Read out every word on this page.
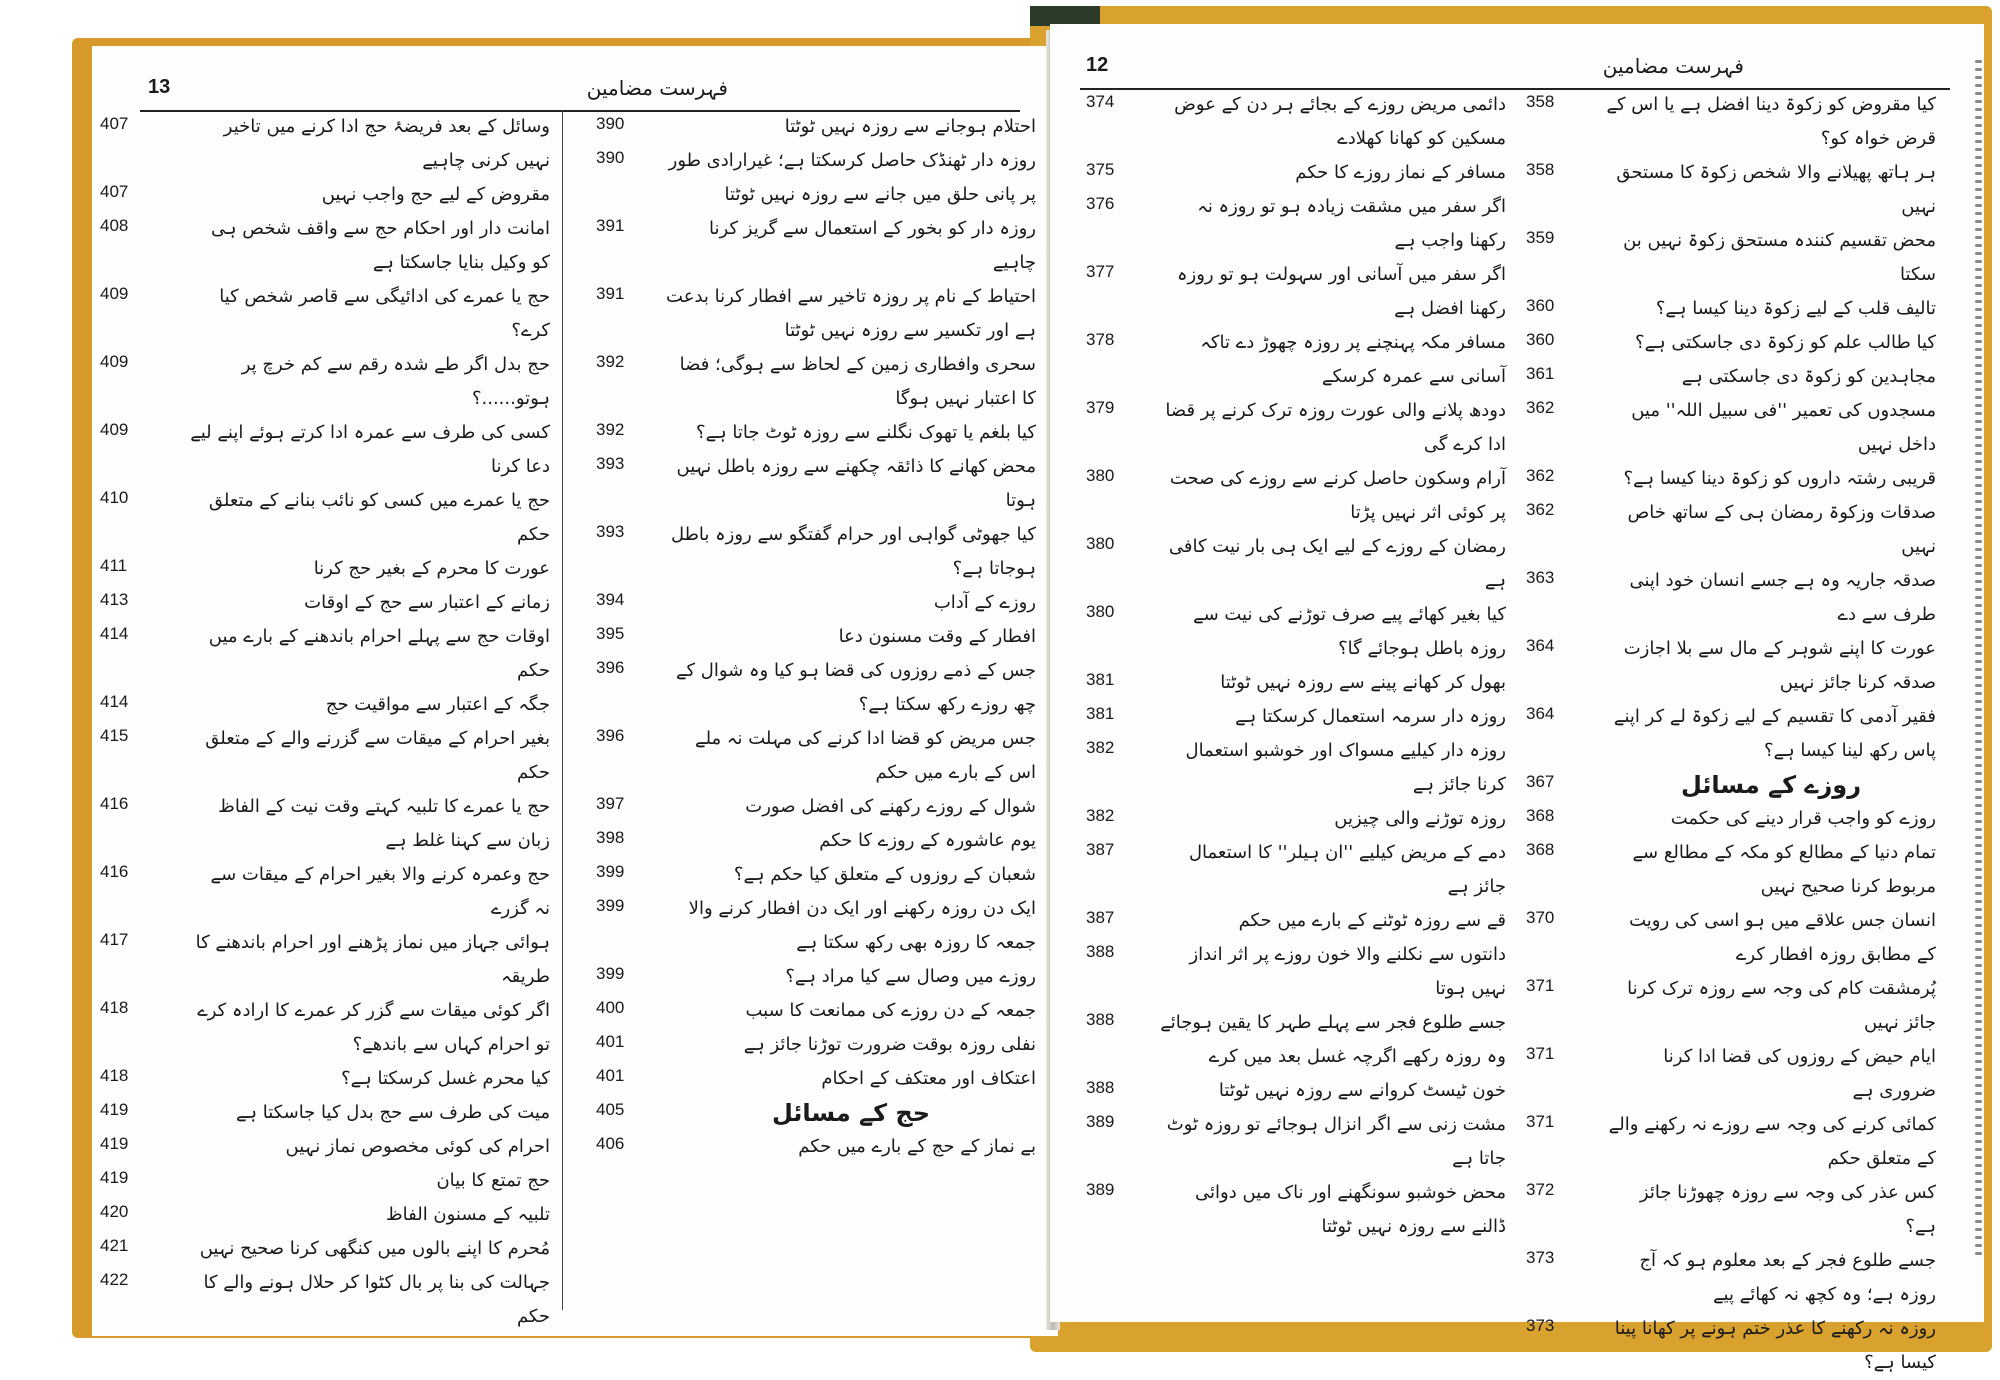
13	فہرست مضامین
احتلام ہوجانے سے روزہ نہیں ٹوٹتا
390
روزہ دار ٹھنڈک حاصل کرسکتا ہے؛ غیرارادی طور پر پانی حلق میں جانے سے روزہ نہیں ٹوٹتا
390
روزہ دار کو بخور کے استعمال سے گریز کرنا چاہیے
391
احتیاط کے نام پر روزہ تاخیر سے افطار کرنا بدعت ہے اور تکسیر سے روزہ نہیں ٹوٹتا
391
سحری وافطاری زمین کے لحاظ سے ہوگی؛ فضا کا اعتبار نہیں ہوگا
392
کیا بلغم یا تھوک نگلنے سے روزہ ٹوٹ جاتا ہے؟
392
محض کھانے کا ذائقہ چکھنے سے روزہ باطل نہیں ہوتا
393
کیا جھوٹی گواہی اور حرام گفتگو سے روزہ باطل ہوجاتا ہے؟
393
روزے کے آداب
394
افطار کے وقت مسنون دعا
395
جس کے ذمے روزوں کی قضا ہو کیا وہ شوال کے چھ روزے رکھ سکتا ہے؟
396
جس مریض کو قضا ادا کرنے کی مہلت نہ ملے اس کے بارے میں حکم
396
شوال کے روزے رکھنے کی افضل صورت
397
یوم عاشورہ کے روزے کا حکم
398
شعبان کے روزوں کے متعلق کیا حکم ہے؟
399
ایک دن روزہ رکھنے اور ایک دن افطار کرنے والا جمعہ کا روزہ بھی رکھ سکتا ہے
399
روزے میں وصال سے کیا مراد ہے؟
399
جمعہ کے دن روزے کی ممانعت کا سبب
400
نفلی روزہ بوقت ضرورت توڑنا جائز ہے
401
اعتکاف اور معتکف کے احکام
401
حج کے مسائل
405
بے نماز کے حج کے بارے میں حکم
406
وسائل کے بعد فریضۂ حج ادا کرنے میں تاخیر نہیں کرنی چاہیے
407
مقروض کے لیے حج واجب نہیں
407
امانت دار اور احکام حج سے واقف شخص ہی کو وکیل بنایا جاسکتا ہے
408
حج یا عمرے کی ادائیگی سے قاصر شخص کیا کرے؟
409
حج بدل اگر طے شدہ رقم سے کم خرچ پر ہوتو......؟
409
کسی کی طرف سے عمرہ ادا کرتے ہوئے اپنے لیے دعا کرنا
409
حج یا عمرے میں کسی کو نائب بنانے کے متعلق حکم
410
عورت کا محرم کے بغیر حج کرنا
411
زمانے کے اعتبار سے حج کے اوقات
413
اوقات حج سے پہلے احرام باندھنے کے بارے میں حکم
414
جگہ کے اعتبار سے مواقیت حج
414
بغیر احرام کے میقات سے گزرنے والے کے متعلق حکم
415
حج یا عمرے کا تلبیہ کہتے وقت نیت کے الفاظ زبان سے کہنا غلط ہے
416
حج وعمرہ کرنے والا بغیر احرام کے میقات سے نہ گزرے
416
ہوائی جہاز میں نماز پڑھنے اور احرام باندھنے کا طریقہ
417
اگر کوئی میقات سے گزر کر عمرے کا ارادہ کرے تو احرام کہاں سے باندھے؟
418
کیا محرم غسل کرسکتا ہے؟
418
میت کی طرف سے حج بدل کیا جاسکتا ہے
419
احرام کی کوئی مخصوص نماز نہیں
419
حج تمتع کا بیان
419
تلبیہ کے مسنون الفاظ
420
مُحرم کا اپنے بالوں میں کنگھی کرنا صحیح نہیں
421
جہالت کی بنا پر بال کٹوا کر حلال ہونے والے کا حکم
422
12	فہرست مضامین
کیا مقروض کو زکوۃ دینا افضل ہے یا اس کے قرض خواہ کو؟
358
ہر ہاتھ پھیلانے والا شخص زکوۃ کا مستحق نہیں
358
محض تقسیم کنندہ مستحق زکوۃ نہیں بن سکتا
359
تالیف قلب کے لیے زکوۃ دینا کیسا ہے؟
360
کیا طالب علم کو زکوۃ دی جاسکتی ہے؟
360
مجاہدین کو زکوۃ دی جاسکتی ہے
361
مسجدوں کی تعمیر ''فی سبیل اللہ'' میں داخل نہیں
362
قریبی رشتہ داروں کو زکوۃ دینا کیسا ہے؟
362
صدقات وزکوۃ رمضان ہی کے ساتھ خاص نہیں
362
صدقہ جاریہ وہ ہے جسے انسان خود اپنی طرف سے دے
363
عورت کا اپنے شوہر کے مال سے بلا اجازت صدقہ کرنا جائز نہیں
364
فقیر آدمی کا تقسیم کے لیے زکوۃ لے کر اپنے پاس رکھ لینا کیسا ہے؟
364
روزے کے مسائل
367
روزے کو واجب قرار دینے کی حکمت
368
تمام دنیا کے مطالع کو مکہ کے مطالع سے مربوط کرنا صحیح نہیں
368
انسان جس علاقے میں ہو اسی کی رویت کے مطابق روزہ افطار کرے
370
پُرمشقت کام کی وجہ سے روزہ ترک کرنا جائز نہیں
371
ایام حیض کے روزوں کی قضا ادا کرنا ضروری ہے
371
کمائی کرنے کی وجہ سے روزے نہ رکھنے والے کے متعلق حکم
371
کس عذر کی وجہ سے روزہ چھوڑنا جائز ہے؟
372
جسے طلوع فجر کے بعد معلوم ہو کہ آج روزہ ہے؛ وہ کچھ نہ کھائے پیے
373
روزہ نہ رکھنے کا عذر ختم ہونے پر کھانا پینا کیسا ہے؟
373
دائمی مریض روزے کے بجائے ہر دن کے عوض مسکین کو کھانا کھلادے
374
مسافر کے نماز روزے کا حکم
375
اگر سفر میں مشقت زیادہ ہو تو روزہ نہ رکھنا واجب ہے
376
اگر سفر میں آسانی اور سہولت ہو تو روزہ رکھنا افضل ہے
377
مسافر مکہ پہنچنے پر روزہ چھوڑ دے تاکہ آسانی سے عمرہ کرسکے
378
دودھ پلانے والی عورت روزہ ترک کرنے پر قضا ادا کرے گی
379
آرام وسکون حاصل کرنے سے روزے کی صحت پر کوئی اثر نہیں پڑتا
380
رمضان کے روزے کے لیے ایک ہی بار نیت کافی ہے
380
کیا بغیر کھائے پیے صرف توڑنے کی نیت سے روزہ باطل ہوجائے گا؟
380
بھول کر کھانے پینے سے روزہ نہیں ٹوٹتا
381
روزہ دار سرمہ استعمال کرسکتا ہے
381
روزہ دار کیلیے مسواک اور خوشبو استعمال کرنا جائز ہے
382
روزہ توڑنے والی چیزیں
382
دمے کے مریض کیلیے ''ان ہیلر'' کا استعمال جائز ہے
387
قے سے روزہ ٹوٹنے کے بارے میں حکم
387
دانتوں سے نکلنے والا خون روزے پر اثر انداز نہیں ہوتا
388
جسے طلوع فجر سے پہلے طہر کا یقین ہوجائے وہ روزہ رکھے اگرچہ غسل بعد میں کرے
388
خون ٹیسٹ کروانے سے روزہ نہیں ٹوٹتا
388
مشت زنی سے اگر انزال ہوجائے تو روزہ ٹوٹ جاتا ہے
389
محض خوشبو سونگھنے اور ناک میں دوائی ڈالنے سے روزہ نہیں ٹوٹتا
389
